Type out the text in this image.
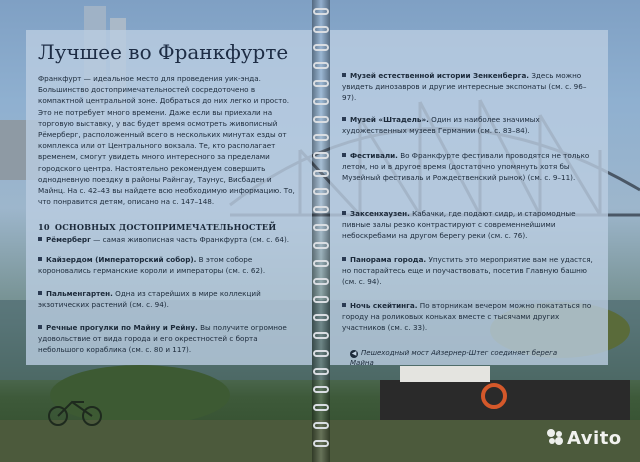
Лучшее во Франкфурте

Франкфурт — идеальное место для проведения уик-энда. Большинство достопримечательностей сосредоточено в компактной центральной зоне. Добраться до них легко и просто. Это не потребует много времени. Даже если вы приехали на торговую выставку, у вас будет время осмотреть живописный Рёмерберг, расположенный всего в нескольких минутах езды от комплекса или от Центрального вокзала. Те, кто располагает временем, смогут увидеть много интересного за пределами городского центра. Настоятельно рекомендуем совершить однодневную поездку в районы Райнгау, Таунус, Висбаден и Майнц. На с. 42–43 вы найдете всю необходимую информацию. То, что понравится детям, описано на с. 147–148.

10 ОСНОВНЫХ ДОСТОПРИМЕЧАТЕЛЬНОСТЕЙ
Рёмерберг — самая живописная часть Франкфурта (см. с. 64).
Кайзердом (Императорский собор). В этом соборе короновались германские короли и императоры (см. с. 62).
Пальменгартен. Одна из старейших в мире коллекций экзотических растений (см. с. 94).
Речные прогулки по Майну и Рейну. Вы получите огромное удовольствие от вида города и его окрестностей с борта небольшого кораблика (см. с. 80 и 117).
Музей естественной истории Зенкенберга. Здесь можно увидеть динозавров и другие интересные экспонаты (см. с. 96–97).
Музей «Штадель». Один из наиболее значимых художественных музеев Германии (см. с. 83–84).
Фестивали. Во Франкфурте фестивали проводятся не только летом, но и в другое время (достаточно упомянуть хотя бы Музейный фестиваль и Рождественский рынок) (см. с. 9–11).
Заксенхаузен. Кабачки, где подают сидр, и старомодные пивные залы резко контрастируют с современнейшими небоскребами на другом берегу реки (см. с. 76).
Панорама города. Упустить это мероприятие вам не удастся, но постарайтесь еще и поучаствовать, посетив Главную башню (см. с. 94).
Ночь скейтинга. По вторникам вечером можно покататься по городу на роликовых коньках вместе с тысячами других участников (см. с. 33).
◀ Пешеходный мост Айзернер-Штег соединяет берега Майна
Avito
